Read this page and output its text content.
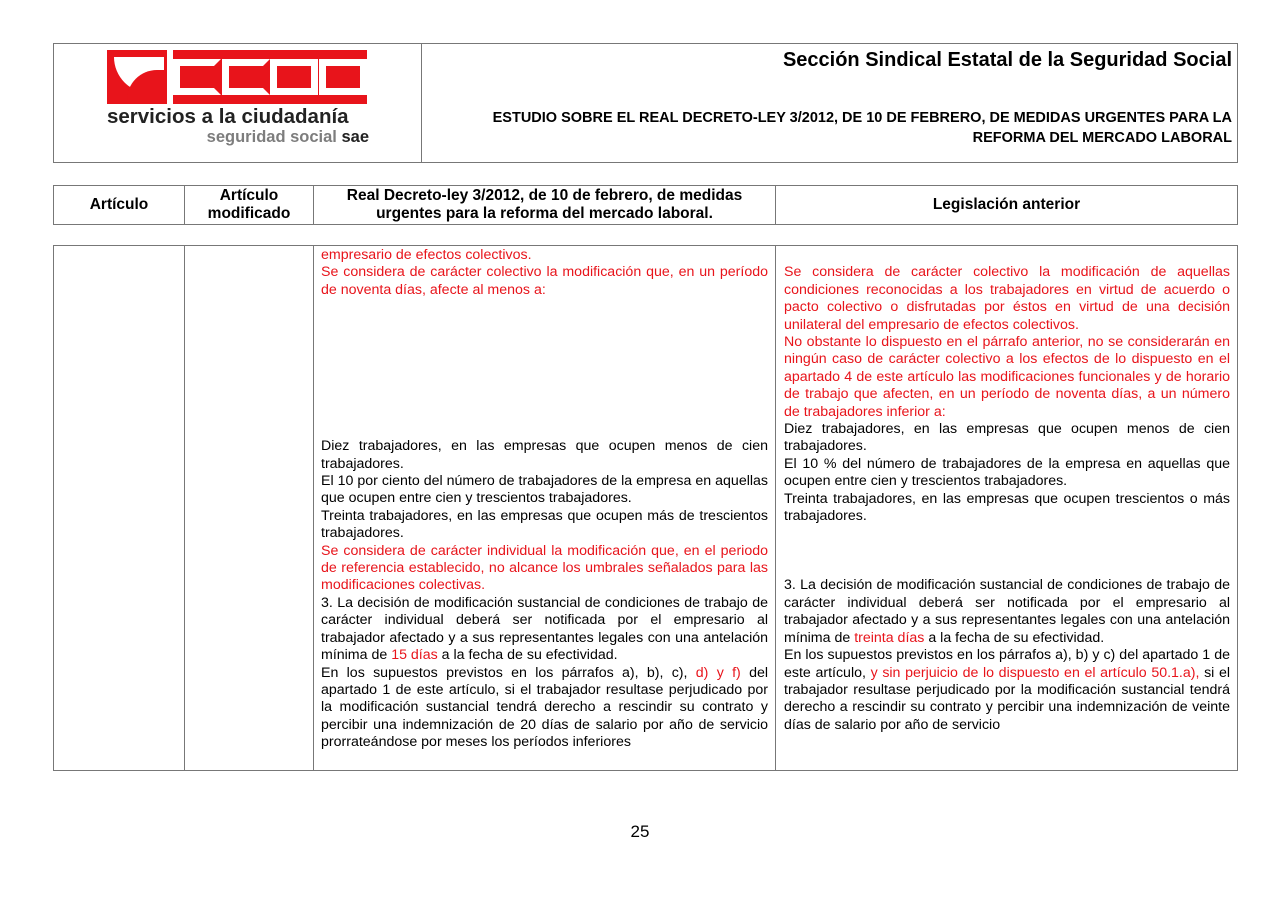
servicios a la ciudadanía
seguridad social sae
Sección Sindical Estatal de la Seguridad Social
ESTUDIO SOBRE EL REAL DECRETO-LEY 3/2012, DE 10 DE FEBRERO, DE MEDIDAS URGENTES PARA LA REFORMA DEL MERCADO LABORAL
Artículo
Artículo modificado
Real Decreto-ley 3/2012, de 10 de febrero, de medidas urgentes para la reforma del mercado laboral.
Legislación anterior

empresario de efectos colectivos.

Se considera de carácter colectivo la modificación que, en un período de noventa días, afecte al menos a:

Diez trabajadores, en las empresas que ocupen menos de cien trabajadores.

El 10 por ciento del número de trabajadores de la empresa en aquellas que ocupen entre cien y trescientos trabajadores.

Treinta trabajadores, en las empresas que ocupen más de trescientos trabajadores.

Se considera de carácter individual la modificación que, en el periodo de referencia establecido, no alcance los umbrales señalados para las modificaciones colectivas.

3. La decisión de modificación sustancial de condiciones de trabajo de carácter individual deberá ser notificada por el empresario al trabajador afectado y a sus representantes legales con una antelación mínima de 15 días a la fecha de su efectividad.

En los supuestos previstos en los párrafos a), b), c), d) y f) del apartado 1 de este artículo, si el trabajador resultase perjudicado por la modificación sustancial tendrá derecho a rescindir su contrato y percibir una indemnización de 20 días de salario por año de servicio prorrateándose por meses los períodos inferiores

Se considera de carácter colectivo la modificación de aquellas condiciones reconocidas a los trabajadores en virtud de acuerdo o pacto colectivo o disfrutadas por éstos en virtud de una decisión unilateral del empresario de efectos colectivos.

No obstante lo dispuesto en el párrafo anterior, no se considerarán en ningún caso de carácter colectivo a los efectos de lo dispuesto en el apartado 4 de este artículo las modificaciones funcionales y de horario de trabajo que afecten, en un período de noventa días, a un número de trabajadores inferior a:

Diez trabajadores, en las empresas que ocupen menos de cien trabajadores.

El 10 % del número de trabajadores de la empresa en aquellas que ocupen entre cien y trescientos trabajadores.

Treinta trabajadores, en las empresas que ocupen trescientos o más trabajadores.

3. La decisión de modificación sustancial de condiciones de trabajo de carácter individual deberá ser notificada por el empresario al trabajador afectado y a sus representantes legales con una antelación mínima de treinta días a la fecha de su efectividad.

En los supuestos previstos en los párrafos a), b) y c) del apartado 1 de este artículo, y sin perjuicio de lo dispuesto en el artículo 50.1.a), si el trabajador resultase perjudicado por la modificación sustancial tendrá derecho a rescindir su contrato y percibir una indemnización de veinte días de salario por año de servicio

25
